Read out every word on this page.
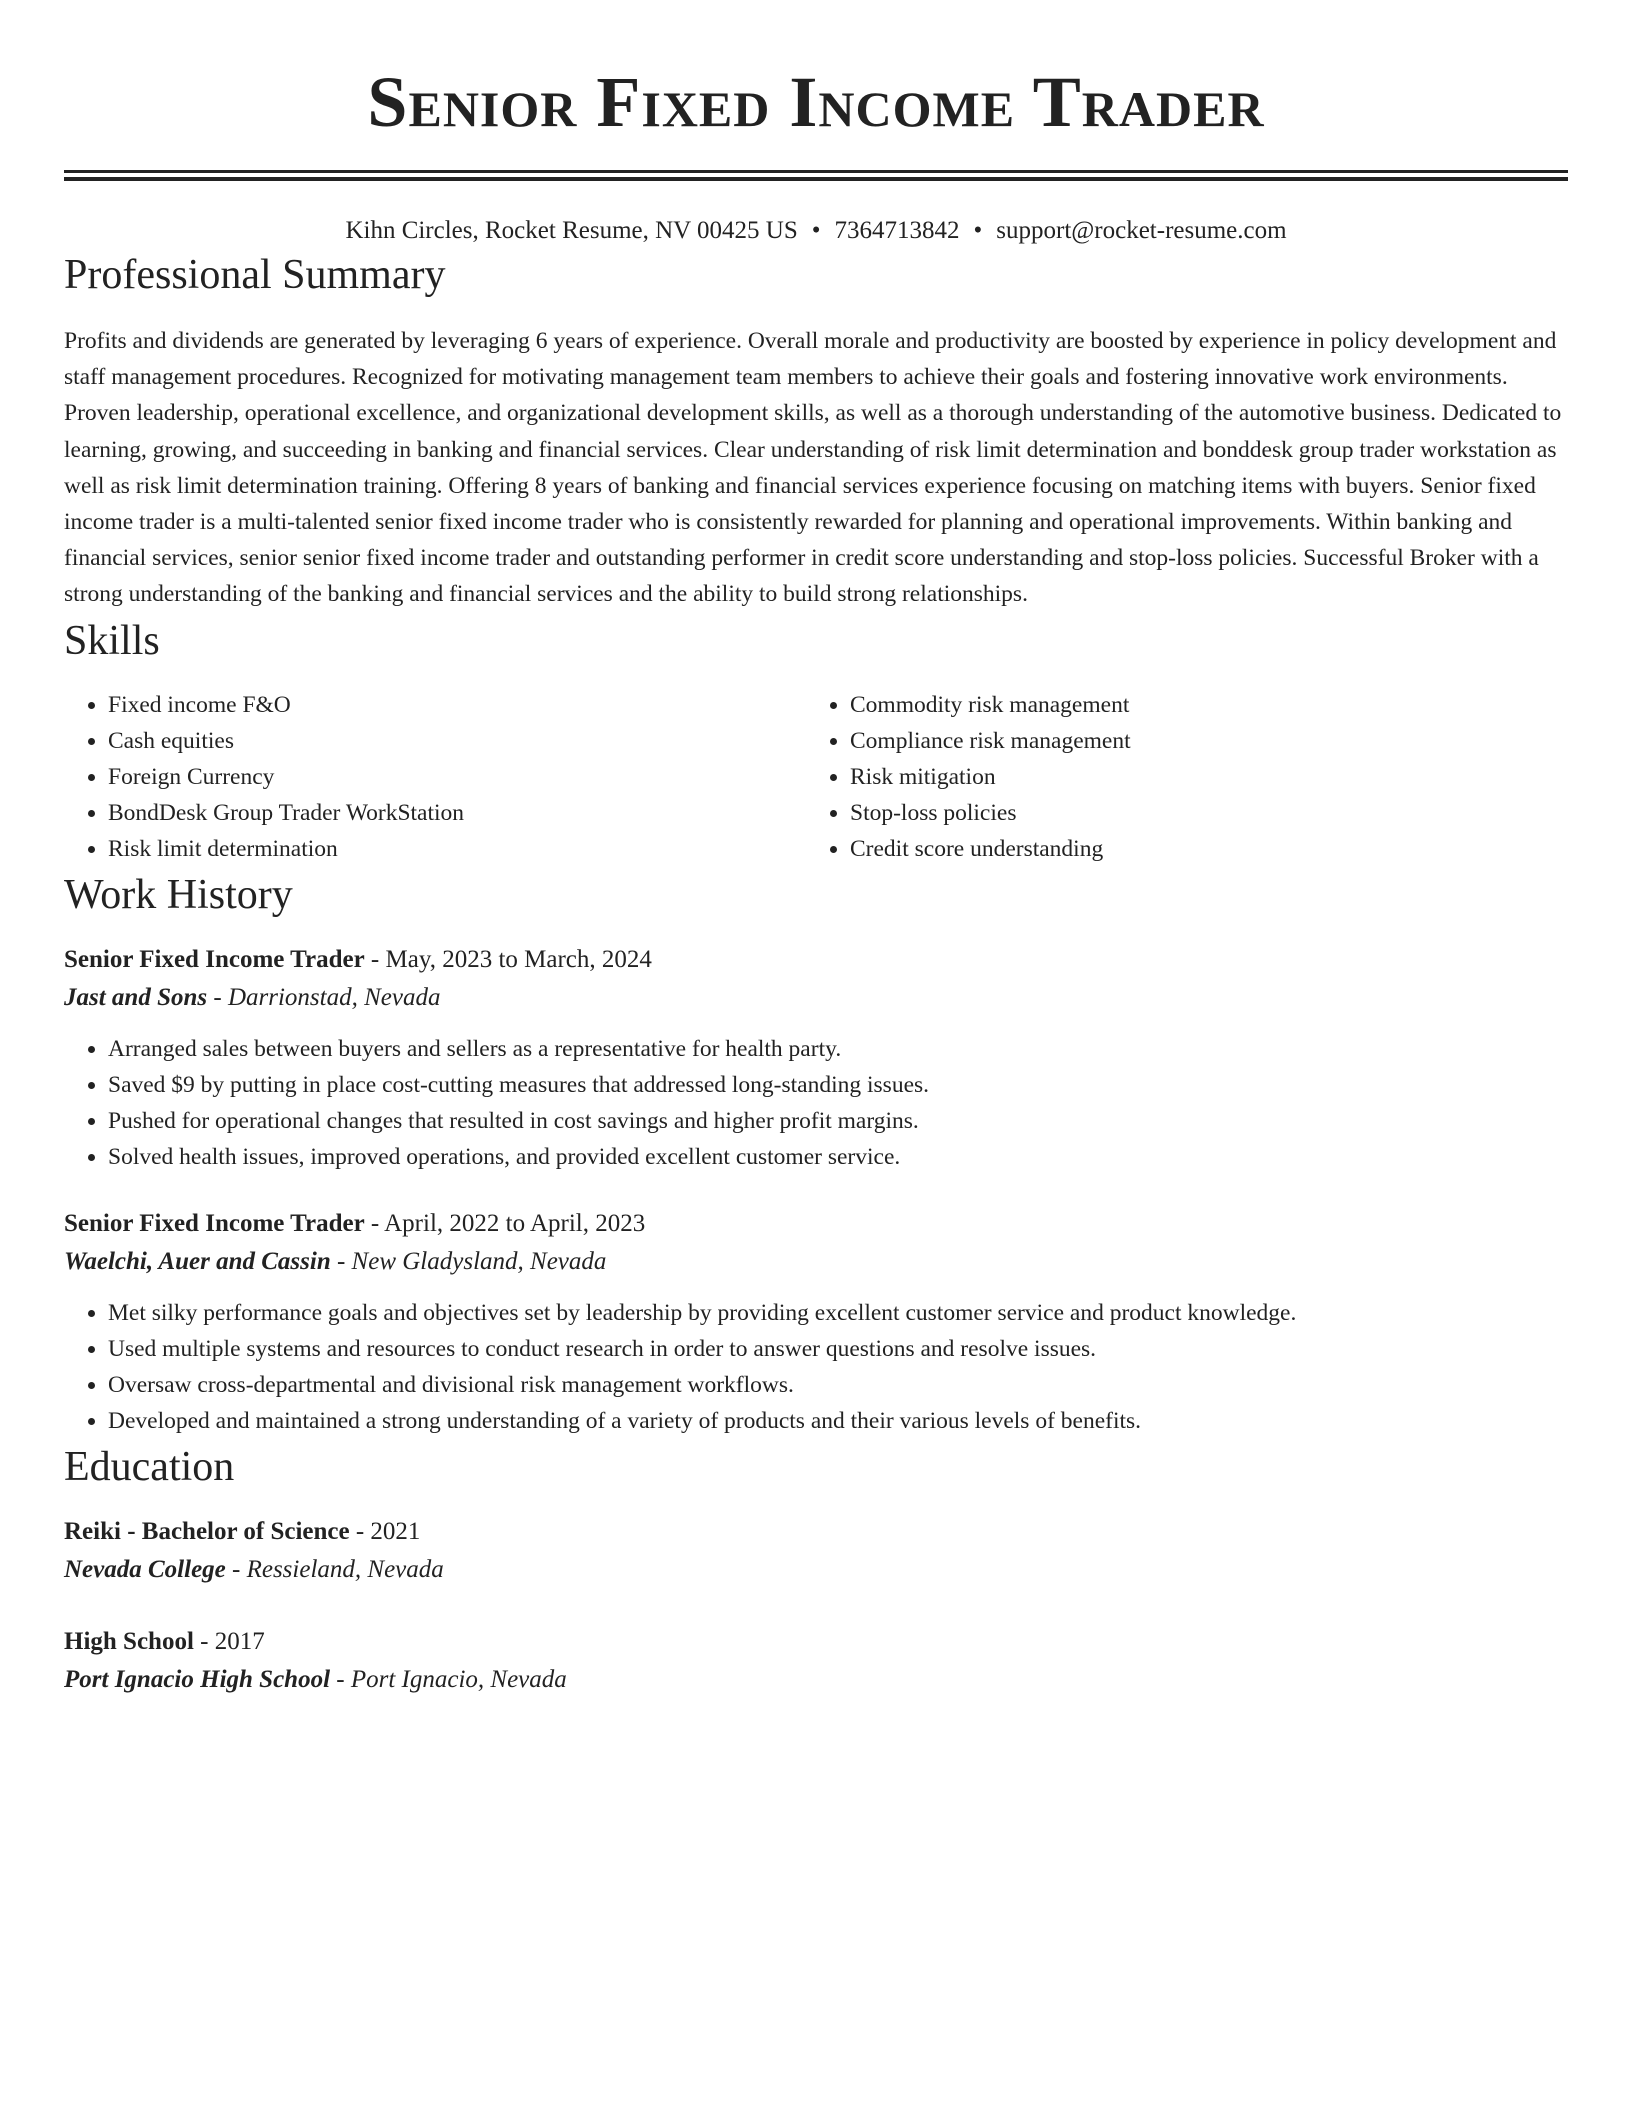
Senior Fixed Income Trader
Kihn Circles, Rocket Resume, NV 00425 US • 7364713842 • support@rocket-resume.com
Professional Summary

Profits and dividends are generated by leveraging 6 years of experience. Overall morale and productivity are boosted by experience in policy development and staff management procedures. Recognized for motivating management team members to achieve their goals and fostering innovative work environments. Proven leadership, operational excellence, and organizational development skills, as well as a thorough understanding of the automotive business. Dedicated to learning, growing, and succeeding in banking and financial services. Clear understanding of risk limit determination and bonddesk group trader workstation as well as risk limit determination training. Offering 8 years of banking and financial services experience focusing on matching items with buyers. Senior fixed income trader is a multi-talented senior fixed income trader who is consistently rewarded for planning and operational improvements. Within banking and financial services, senior senior fixed income trader and outstanding performer in credit score understanding and stop-loss policies. Successful Broker with a strong understanding of the banking and financial services and the ability to build strong relationships.

Skills
• Fixed income F&O
• Cash equities
• Foreign Currency
• BondDesk Group Trader WorkStation
• Risk limit determination
• Commodity risk management
• Compliance risk management
• Risk mitigation
• Stop-loss policies
• Credit score understanding
Work History
Senior Fixed Income Trader - May, 2023 to March, 2024
Jast and Sons - Darrionstad, Nevada
• Arranged sales between buyers and sellers as a representative for health party.
• Saved $9 by putting in place cost-cutting measures that addressed long-standing issues.
• Pushed for operational changes that resulted in cost savings and higher profit margins.
• Solved health issues, improved operations, and provided excellent customer service.
Senior Fixed Income Trader - April, 2022 to April, 2023
Waelchi, Auer and Cassin - New Gladysland, Nevada
• Met silky performance goals and objectives set by leadership by providing excellent customer service and product knowledge.
• Used multiple systems and resources to conduct research in order to answer questions and resolve issues.
• Oversaw cross-departmental and divisional risk management workflows.
• Developed and maintained a strong understanding of a variety of products and their various levels of benefits.
Education
Reiki - Bachelor of Science - 2021
Nevada College - Ressieland, Nevada
High School - 2017
Port Ignacio High School - Port Ignacio, Nevada
